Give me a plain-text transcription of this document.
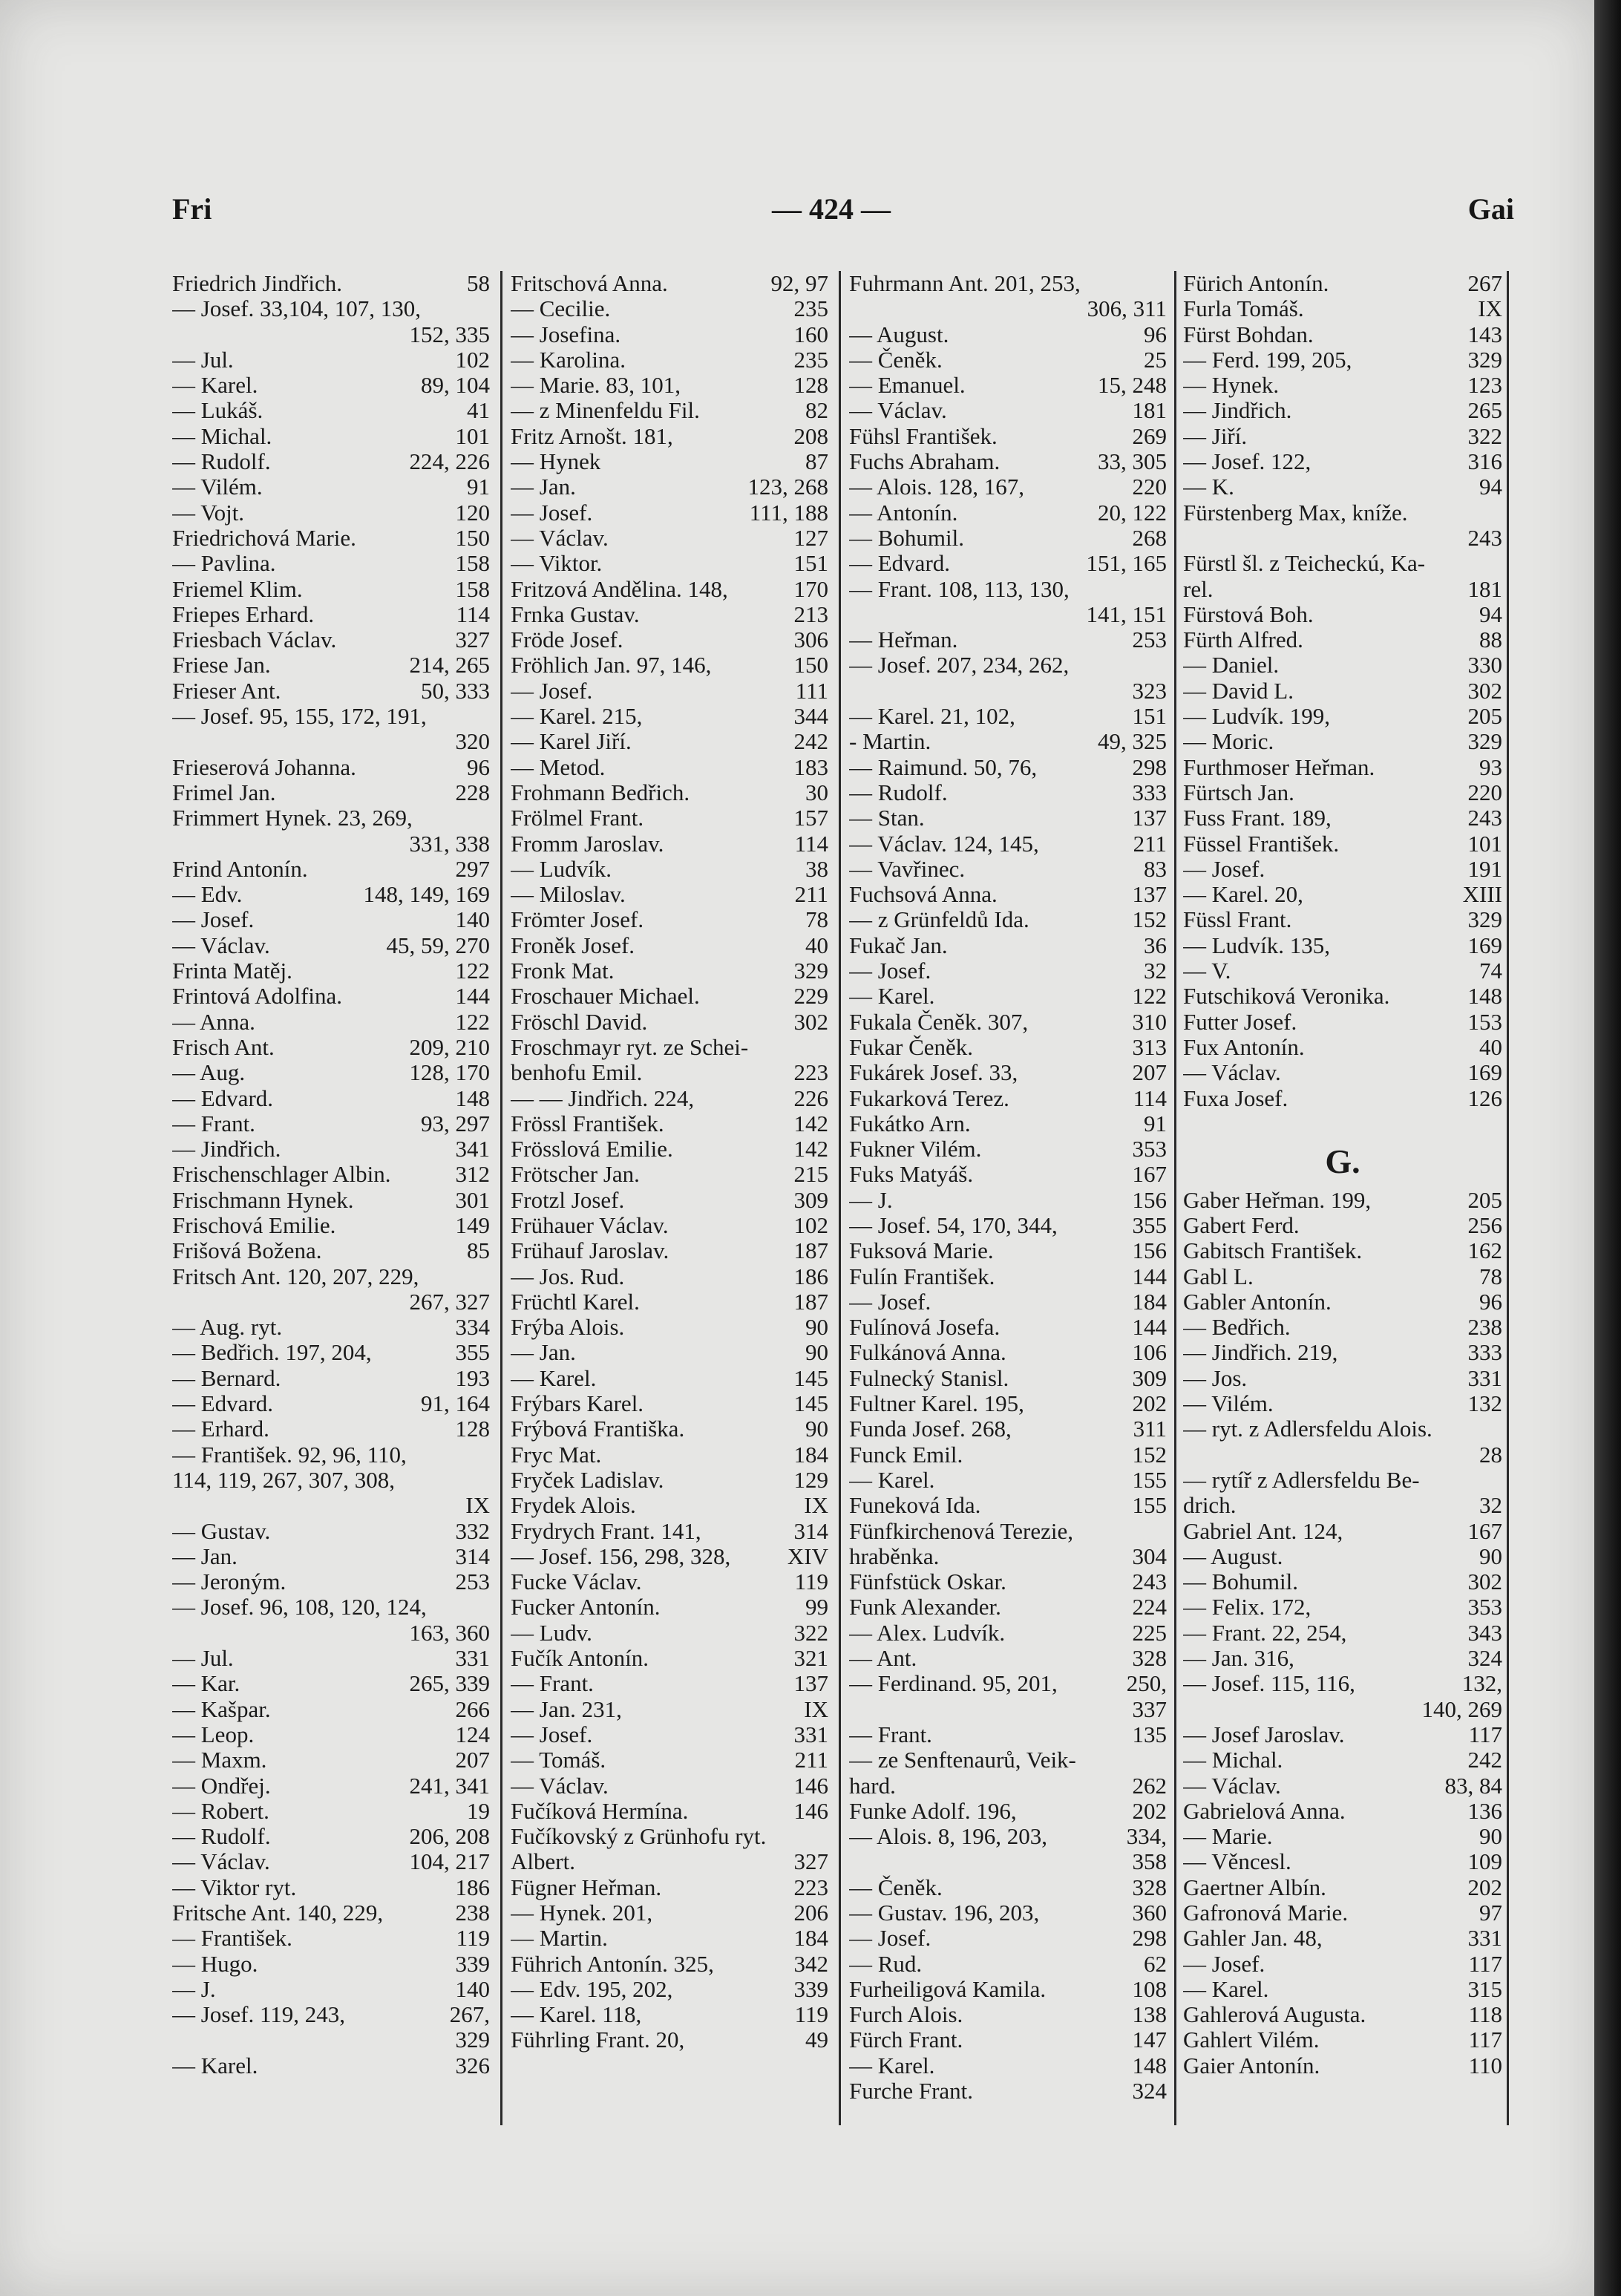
Fri	— 424 —	Gai
Friedrich Jindřich.	58
— Josef. 33,104, 107, 130,
152, 335
— Jul.	102
— Karel.	89, 104
— Lukáš.	41
— Michal.	101
— Rudolf.	224, 226
— Vilém.	91
— Vojt.	120
Friedrichová Marie.	150
— Pavlina.	158
Friemel Klim.	158
Friepes Erhard.	114
Friesbach Václav.	327
Friese Jan.	214, 265
Frieser Ant.	50, 333
— Josef. 95, 155, 172, 191,
320
Frieserová Johanna.	96
Frimel Jan.	228
Frimmert Hynek. 23, 269,
331, 338
Frind Antonín.	297
— Edv.	148, 149, 169
— Josef.	140
— Václav.	45, 59, 270
Frinta Matěj.	122
Frintová Adolfina.	144
— Anna.	122
Frisch Ant.	209, 210
— Aug.	128, 170
— Edvard.	148
— Frant.	93, 297
— Jindřich.	341
Frischenschlager Albin.	312
Frischmann Hynek.	301
Frischová Emilie.	149
Frišová Božena.	85
Fritsch Ant. 120, 207, 229,
267, 327
— Aug. ryt.	334
— Bedřich. 197, 204,	355
— Bernard.	193
— Edvard.	91, 164
— Erhard.	128
— František. 92, 96, 110,
114, 119, 267, 307, 308,
IX
— Gustav.	332
— Jan.	314
— Jeroným.	253
— Josef. 96, 108, 120, 124,
163, 360
— Jul.	331
— Kar.	265, 339
— Kašpar.	266
— Leop.	124
— Maxm.	207
— Ondřej.	241, 341
— Robert.	19
— Rudolf.	206, 208
— Václav.	104, 217
— Viktor ryt.	186
Fritsche Ant. 140, 229,	238
— František.	119
— Hugo.	339
— J.	140
— Josef. 119, 243,	267,
329
— Karel.	326
Fritschová Anna.	92, 97
— Cecilie.	235
— Josefina.	160
— Karolina.	235
— Marie. 83, 101,	128
— z Minenfeldu Fil.	82
Fritz Arnošt. 181,	208
— Hynek	87
— Jan.	123, 268
— Josef.	111, 188
— Václav.	127
— Viktor.	151
Fritzová Andělina. 148,	170
Frnka Gustav.	213
Fröde Josef.	306
Fröhlich Jan. 97, 146,	150
— Josef.	111
— Karel. 215,	344
— Karel Jiří.	242
— Metod.	183
Frohmann Bedřich.	30
Frölmel Frant.	157
Fromm Jaroslav.	114
— Ludvík.	38
— Miloslav.	211
Frömter Josef.	78
Froněk Josef.	40
Fronk Mat.	329
Froschauer Michael.	229
Fröschl David.	302
Froschmayr ryt. ze Schei-
benhofu Emil.	223
— — Jindřich. 224,	226
Frössl František.	142
Frösslová Emilie.	142
Frötscher Jan.	215
Frotzl Josef.	309
Frühauer Václav.	102
Frühauf Jaroslav.	187
— Jos. Rud.	186
Früchtl Karel.	187
Frýba Alois.	90
— Jan.	90
— Karel.	145
Frýbars Karel.	145
Frýbová Františka.	90
Fryc Mat.	184
Fryček Ladislav.	129
Frydek Alois.	IX
Frydrych Frant. 141,	314
— Josef. 156, 298, 328, XIV
Fucke Václav.	119
Fucker Antonín.	99
— Ludv.	322
Fučík Antonín.	321
— Frant.	137
— Jan. 231,	IX
— Josef.	331
— Tomáš.	211
— Václav.	146
Fučíková Hermína.	146
Fučíkovský z Grünhofu ryt.
Albert.	327
Fügner Heřman.	223
— Hynek. 201,	206
— Martin.	184
Führich Antonín. 325,	342
— Edv. 195, 202,	339
— Karel. 118,	119
Führling Frant. 20,	49
Fuhrmann Ant. 201, 253,
306, 311
— August.	96
— Čeněk.	25
— Emanuel.	15, 248
— Václav.	181
Fühsl František.	269
Fuchs Abraham.	33, 305
— Alois. 128, 167,	220
— Antonín.	20, 122
— Bohumil.	268
— Edvard.	151, 165
— Frant. 108, 113, 130,
141, 151
— Heřman.	253
— Josef. 207, 234, 262,
323
— Karel. 21, 102,	151
- Martin.	49, 325
— Raimund. 50, 76,	298
— Rudolf.	333
— Stan.	137
— Václav. 124, 145,	211
— Vavřinec.	83
Fuchsová Anna.	137
— z Grünfeldů Ida.	152
Fukač Jan.	36
— Josef.	32
— Karel.	122
Fukala Čeněk. 307,	310
Fukar Čeněk.	313
Fukárek Josef. 33,	207
Fukarková Terez.	114
Fukátko Arn.	91
Fukner Vilém.	353
Fuks Matyáš.	167
— J.	156
— Josef. 54, 170, 344,	355
Fuksová Marie.	156
Fulín František.	144
— Josef.	184
Fulínová Josefa.	144
Fulkánová Anna.	106
Fulnecký Stanisl.	309
Fultner Karel. 195,	202
Funda Josef. 268,	311
Funck Emil.	152
— Karel.	155
Funeková Ida.	155
Fünfkirchenová Terezie,
hraběnka.	304
Fünfstück Oskar.	243
Funk Alexander.	224
— Alex. Ludvík.	225
— Ant.	328
— Ferdinand. 95, 201,	250,
337
— Frant.	135
— ze Senftenaurů, Veik-
hard.	262
Funke Adolf. 196,	202
— Alois. 8, 196, 203,	334,
358
— Čeněk.	328
— Gustav. 196, 203,	360
— Josef.	298
— Rud.	62
Furheiligová Kamila.	108
Furch Alois.	138
Fürch Frant.	147
— Karel.	148
Furche Frant.	324
Fürich Antonín.	267
Furla Tomáš.	IX
Fürst Bohdan.	143
— Ferd. 199, 205,	329
— Hynek.	123
— Jindřich.	265
— Jiří.	322
— Josef. 122,	316
— K.	94
Fürstenberg Max, kníže.
243
Fürstl šl. z Teicheckú, Ka-
rel.	181
Fürstová Boh.	94
Fürth Alfred.	88
— Daniel.	330
— David L.	302
— Ludvík. 199,	205
— Moric.	329
Furthmoser Heřman.	93
Fürtsch Jan.	220
Fuss Frant. 189,	243
Füssel František.	101
— Josef.	191
— Karel. 20,	XIII
Füssl Frant.	329
— Ludvík. 135,	169
— V.	74
Futschiková Veronika.	148
Futter Josef.	153
Fux Antonín.	40
— Václav.	169
Fuxa Josef.	126
G.
Gaber Heřman. 199,	205
Gabert Ferd.	256
Gabitsch František.	162
Gabl L.	78
Gabler Antonín.	96
— Bedřich.	238
— Jindřich. 219,	333
— Jos.	331
— Vilém.	132
— ryt. z Adlersfeldu Alois.
28
— rytíř z Adlersfeldu Be-
drich.	32
Gabriel Ant. 124,	167
— August.	90
— Bohumil.	302
— Felix. 172,	353
— Frant. 22, 254,	343
— Jan. 316,	324
— Josef. 115, 116,	132,
140, 269
— Josef Jaroslav.	117
— Michal.	242
— Václav.	83, 84
Gabrielová Anna.	136
— Marie.	90
— Věncesl.	109
Gaertner Albín.	202
Gafronová Marie.	97
Gahler Jan. 48,	331
— Josef.	117
— Karel.	315
Gahlerová Augusta.	118
Gahlert Vilém.	117
Gaier Antonín.	110
